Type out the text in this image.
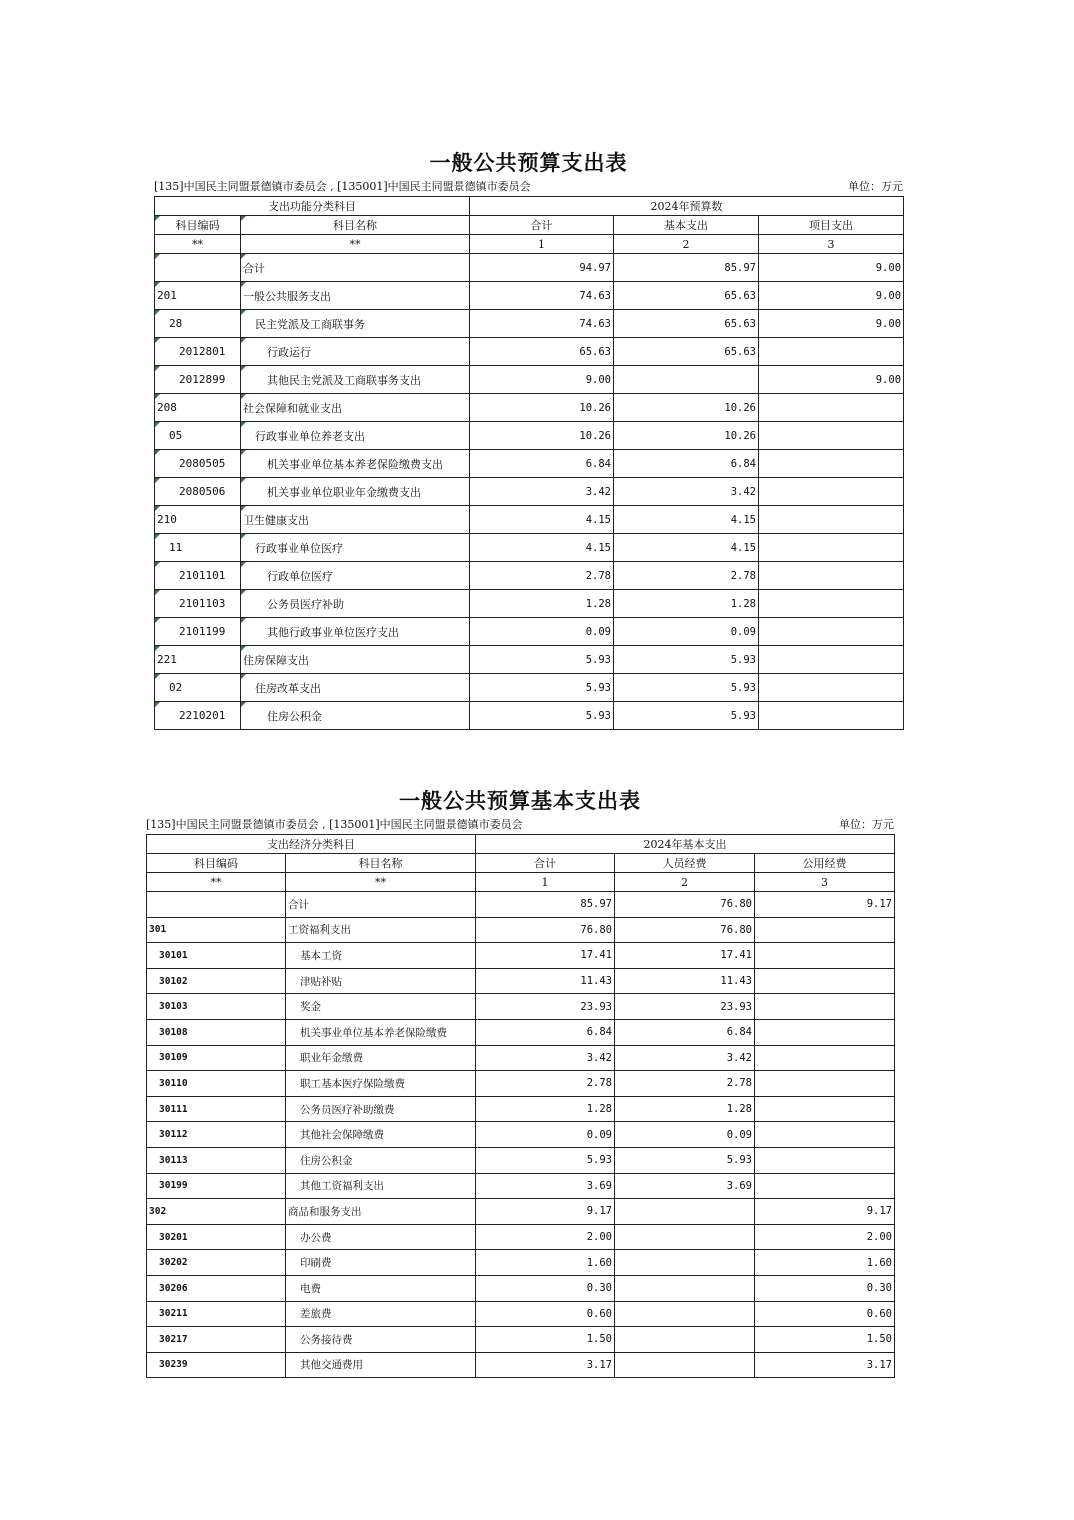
一般公共预算支出表
[135]中国民主同盟景德镇市委员会 , [135001]中国民主同盟景德镇市委员会	单位：万元
支出功能分类科目		2024年预算数		
科目编码	科目名称	合计	基本支出	项目支出
**	**	1	2	3
	合计	94.97	85.97	9.00
201	一般公共服务支出	74.63	65.63	9.00
28	民主党派及工商联事务	74.63	65.63	9.00
2012801	行政运行	65.63	65.63	
2012899	其他民主党派及工商联事务支出	9.00		9.00
208	社会保障和就业支出	10.26	10.26	
05	行政事业单位养老支出	10.26	10.26	
2080505	机关事业单位基本养老保险缴费支出	6.84	6.84	
2080506	机关事业单位职业年金缴费支出	3.42	3.42	
210	卫生健康支出	4.15	4.15	
11	行政事业单位医疗	4.15	4.15	
2101101	行政单位医疗	2.78	2.78	
2101103	公务员医疗补助	1.28	1.28	
2101199	其他行政事业单位医疗支出	0.09	0.09	
221	住房保障支出	5.93	5.93	
02	住房改革支出	5.93	5.93	
2210201	住房公积金	5.93	5.93	
一般公共预算基本支出表
[135]中国民主同盟景德镇市委员会 , [135001]中国民主同盟景德镇市委员会	单位：万元
支出经济分类科目		2024年基本支出		
科目编码	科目名称	合计	人员经费	公用经费
**	**	1	2	3
	合计	85.97	76.80	9.17
301	工资福利支出	76.80	76.80	
30101	基本工资	17.41	17.41	
30102	津贴补贴	11.43	11.43	
30103	奖金	23.93	23.93	
30108	机关事业单位基本养老保险缴费	6.84	6.84	
30109	职业年金缴费	3.42	3.42	
30110	职工基本医疗保险缴费	2.78	2.78	
30111	公务员医疗补助缴费	1.28	1.28	
30112	其他社会保障缴费	0.09	0.09	
30113	住房公积金	5.93	5.93	
30199	其他工资福利支出	3.69	3.69	
302	商品和服务支出	9.17		9.17
30201	办公费	2.00		2.00
30202	印刷费	1.60		1.60
30206	电费	0.30		0.30
30211	差旅费	0.60		0.60
30217	公务接待费	1.50		1.50
30239	其他交通费用	3.17		3.17
